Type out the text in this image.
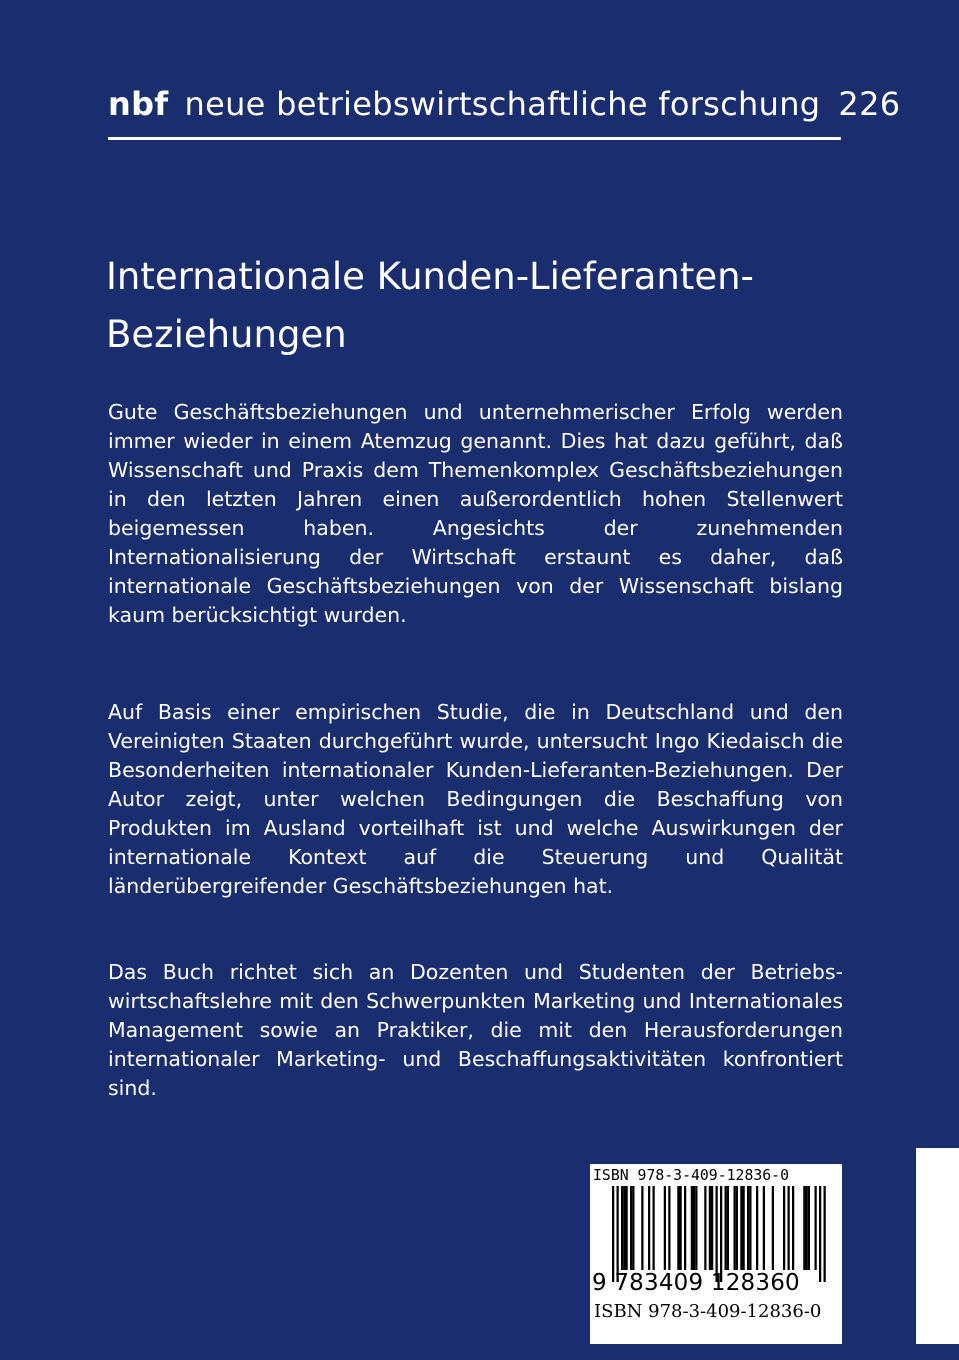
nbf neue betriebswirtschaftliche forschung 226
Internationale Kunden-Lieferanten-
Beziehungen

Gute Geschäftsbeziehungen und unternehmerischer Erfolg werden immer wieder in einem Atemzug genannt. Dies hat dazu geführt, daß Wissenschaft und Praxis dem Themenkomplex Geschäftsbeziehungen in den letzten Jahren einen außerordentlich hohen Stellenwert beigemessen haben. Angesichts der zunehmenden Internationalisierung der Wirtschaft erstaunt es daher, daß internationale Geschäftsbeziehungen von der Wissenschaft bislang kaum berücksichtigt wurden.

Auf Basis einer empirischen Studie, die in Deutschland und den Vereinigten Staaten durchgeführt wurde, untersucht Ingo Kiedaisch die Besonderheiten internationaler Kunden-Lieferanten-Beziehungen. Der Autor zeigt, unter welchen Bedingungen die Beschaffung von Produkten im Ausland vorteilhaft ist und welche Auswirkungen der internationale Kontext auf die Steuerung und Qualität länderübergreifender Geschäftsbeziehungen hat.

Das Buch richtet sich an Dozenten und Studenten der Betriebswirtschaftslehre mit den Schwerpunkten Marketing und Internationales Management sowie an Praktiker, die mit den Herausforderungen internationaler Marketing- und Beschaffungsaktivitäten konfrontiert sind.

ISBN 978-3-409-12836-0
9 783409 128360
ISBN 978-3-409-12836-0
